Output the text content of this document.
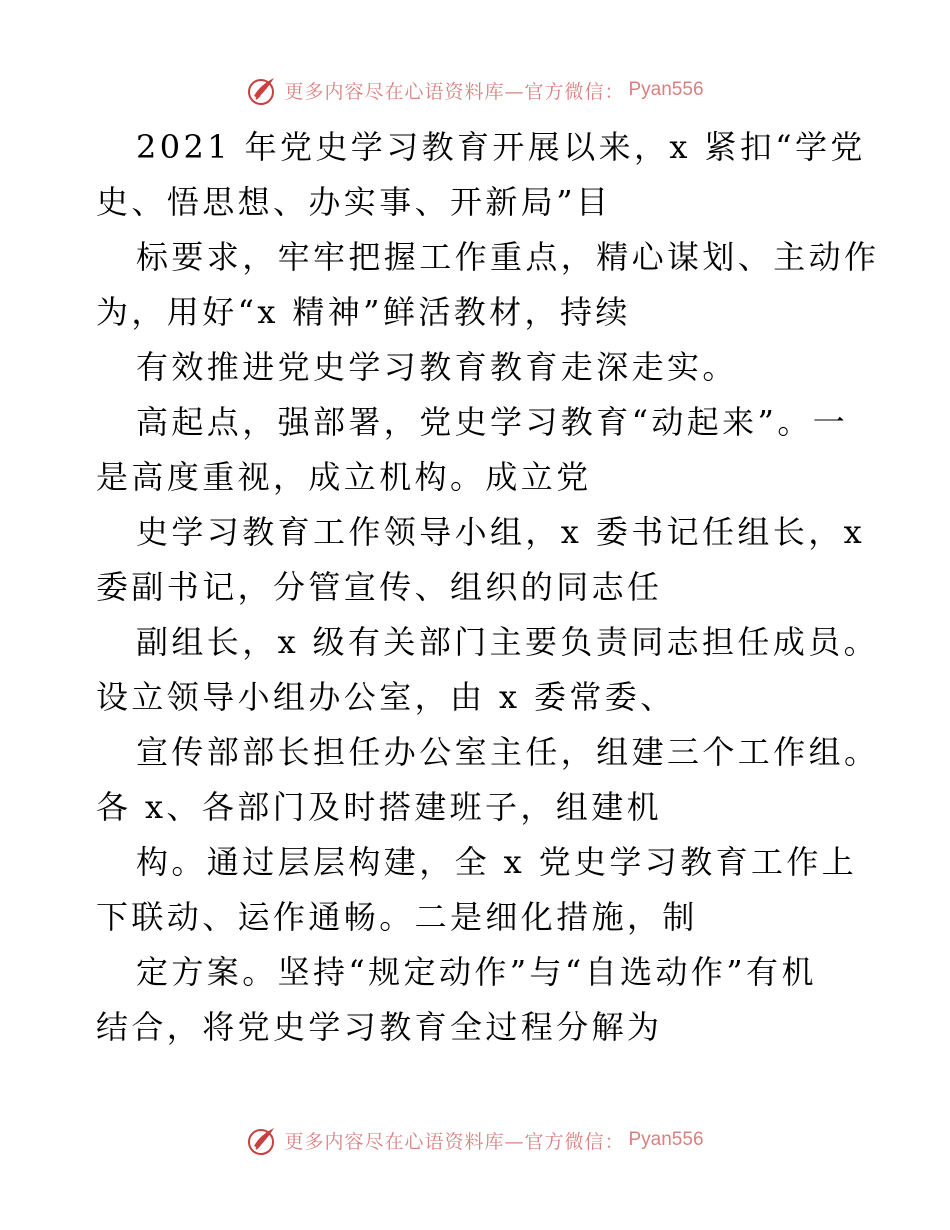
更多内容尽在心语资料库—官方微信： Pyan556
2021 年党史学习教育开展以来，x 紧扣“学党
史、悟思想、办实事、开新局”目
标要求，牢牢把握工作重点，精心谋划、主动作
为，用好“x 精神”鲜活教材，持续
有效推进党史学习教育教育走深走实。
高起点，强部署，党史学习教育“动起来”。一
是高度重视，成立机构。成立党
史学习教育工作领导小组，x 委书记任组长，x
委副书记，分管宣传、组织的同志任
副组长，x 级有关部门主要负责同志担任成员。
设立领导小组办公室，由 x 委常委、
宣传部部长担任办公室主任，组建三个工作组。
各 x、各部门及时搭建班子，组建机
构。通过层层构建，全 x 党史学习教育工作上
下联动、运作通畅。二是细化措施，制
定方案。坚持“规定动作”与“自选动作”有机
结合，将党史学习教育全过程分解为
更多内容尽在心语资料库—官方微信： Pyan556
